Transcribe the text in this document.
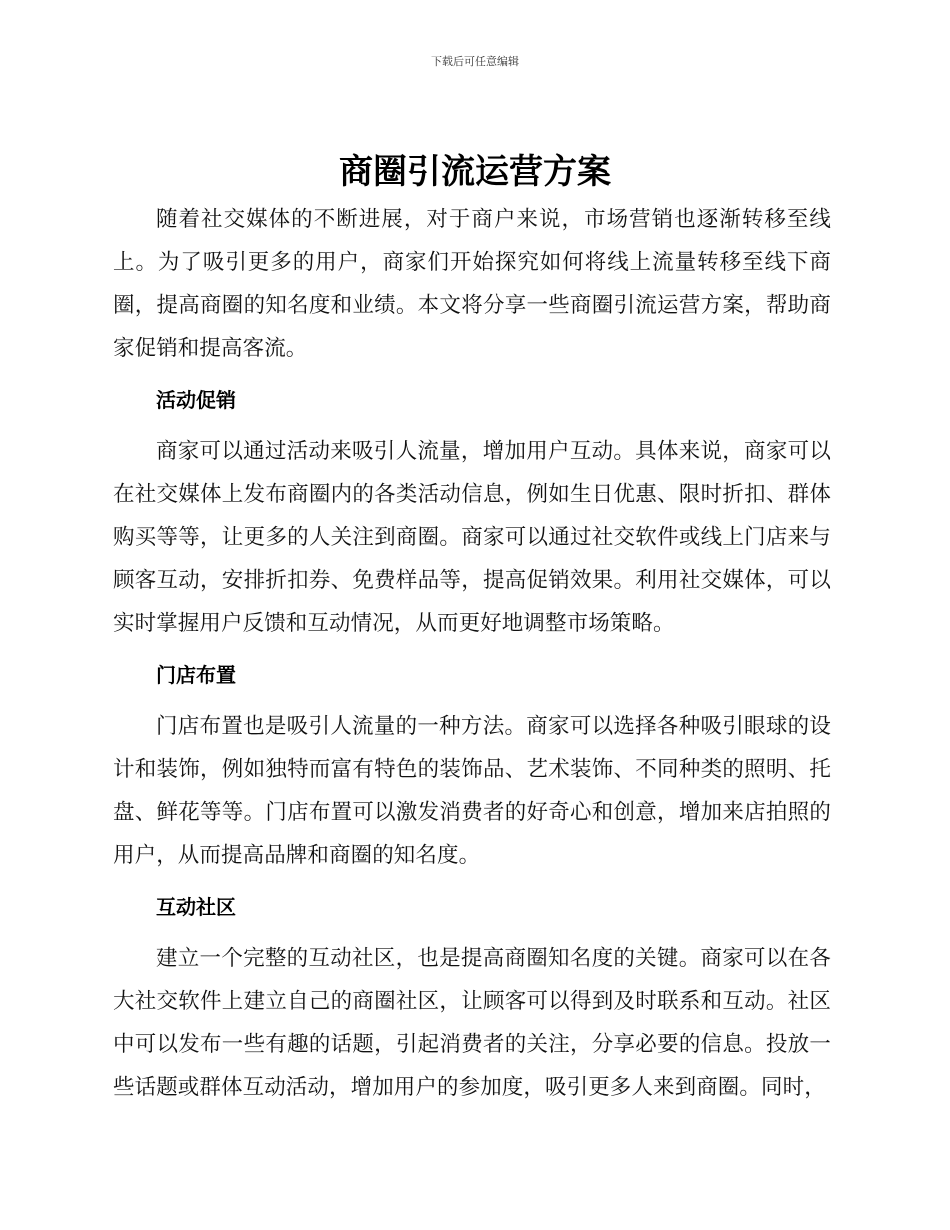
下载后可任意编辑
商圈引流运营方案

随着社交媒体的不断进展，对于商户来说，市场营销也逐渐转移至线上。为了吸引更多的用户，商家们开始探究如何将线上流量转移至线下商圈，提高商圈的知名度和业绩。本文将分享一些商圈引流运营方案，帮助商家促销和提高客流。

活动促销

商家可以通过活动来吸引人流量，增加用户互动。具体来说，商家可以在社交媒体上发布商圈内的各类活动信息，例如生日优惠、限时折扣、群体购买等等，让更多的人关注到商圈。商家可以通过社交软件或线上门店来与顾客互动，安排折扣券、免费样品等，提高促销效果。利用社交媒体，可以实时掌握用户反馈和互动情况，从而更好地调整市场策略。

门店布置

门店布置也是吸引人流量的一种方法。商家可以选择各种吸引眼球的设计和装饰，例如独特而富有特色的装饰品、艺术装饰、不同种类的照明、托盘、鲜花等等。门店布置可以激发消费者的好奇心和创意，增加来店拍照的用户，从而提高品牌和商圈的知名度。

互动社区

建立一个完整的互动社区，也是提高商圈知名度的关键。商家可以在各大社交软件上建立自己的商圈社区，让顾客可以得到及时联系和互动。社区中可以发布一些有趣的话题，引起消费者的关注，分享必要的信息。投放一些话题或群体互动活动，增加用户的参加度，吸引更多人来到商圈。同时，
